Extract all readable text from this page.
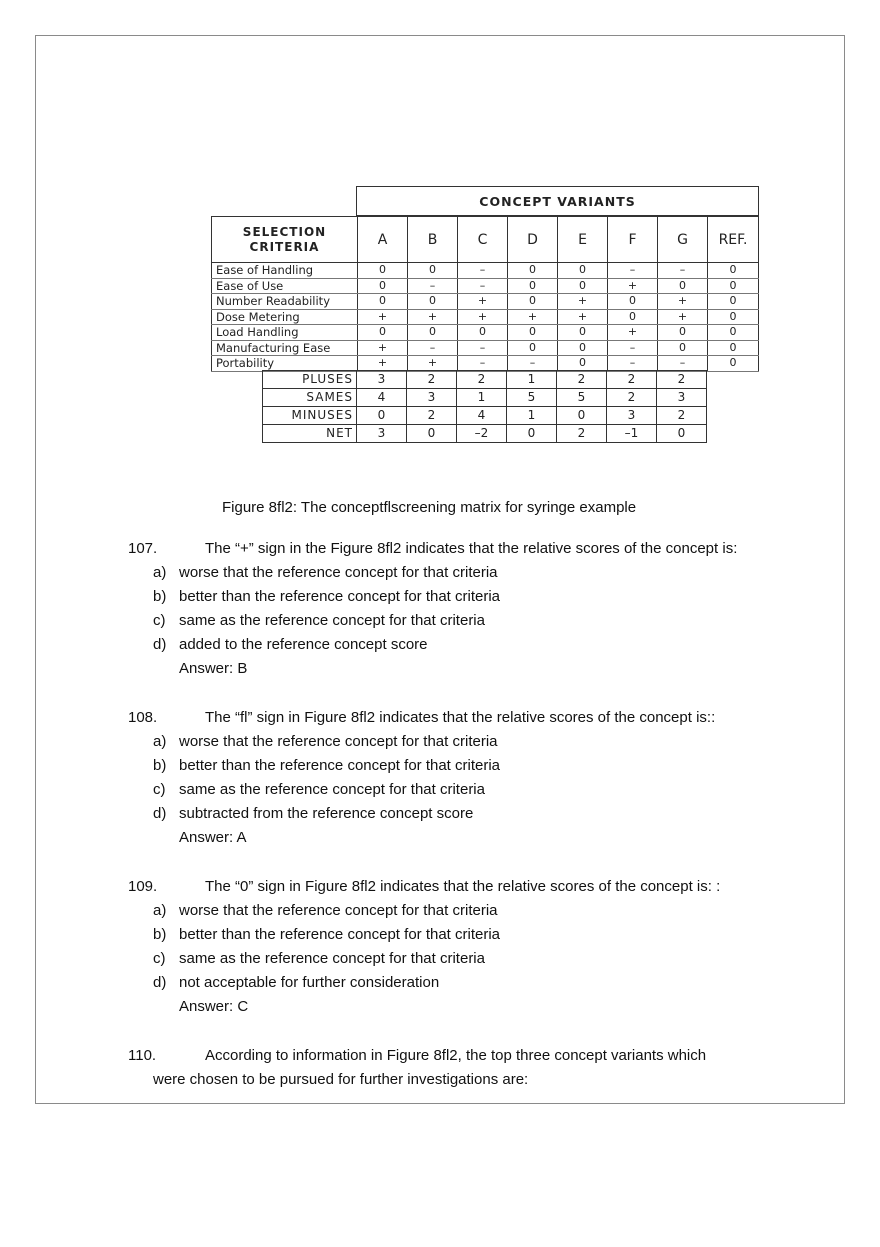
CONCEPT VARIANTS
SELECTION
CRITERIA	A	B	C	D	E	F	G	REF.
Ease of Handling	0	0	–	0	0	–	–	0
Ease of Use	0	–	–	0	0	+	0	0
Number Readability	0	0	+	0	+	0	+	0
Dose Metering	+	+	+	+	+	0	+	0
Load Handling	0	0	0	0	0	+	0	0
Manufacturing Ease	+	–	–	0	0	–	0	0
Portability	+	+	–	–	0	–	–	0
PLUSES	3	2	2	1	2	2	2
SAMES	4	3	1	5	5	2	3
MINUSES	0	2	4	1	0	3	2
NET	3	0	–2	0	2	–1	0
Figure 8fl2: The conceptflscreening matrix for syringe example
107.	The “+” sign in the Figure 8fl2 indicates that the relative scores of the concept is:
a) worse that the reference concept for that criteria
b) better than the reference concept for that criteria
c) same as the reference concept for that criteria
d) added to the reference concept score
Answer: B
108.	The “fl” sign in Figure 8fl2 indicates that the relative scores of the concept is::
a) worse that the reference concept for that criteria
b) better than the reference concept for that criteria
c) same as the reference concept for that criteria
d) subtracted from the reference concept score
Answer: A
109.	The “0” sign in Figure 8fl2 indicates that the relative scores of the concept is: :
a) worse that the reference concept for that criteria
b) better than the reference concept for that criteria
c) same as the reference concept for that criteria
d) not acceptable for further consideration
Answer: C
110.	According to information in Figure 8fl2, the top three concept variants which
were chosen to be pursued for further investigations are:
